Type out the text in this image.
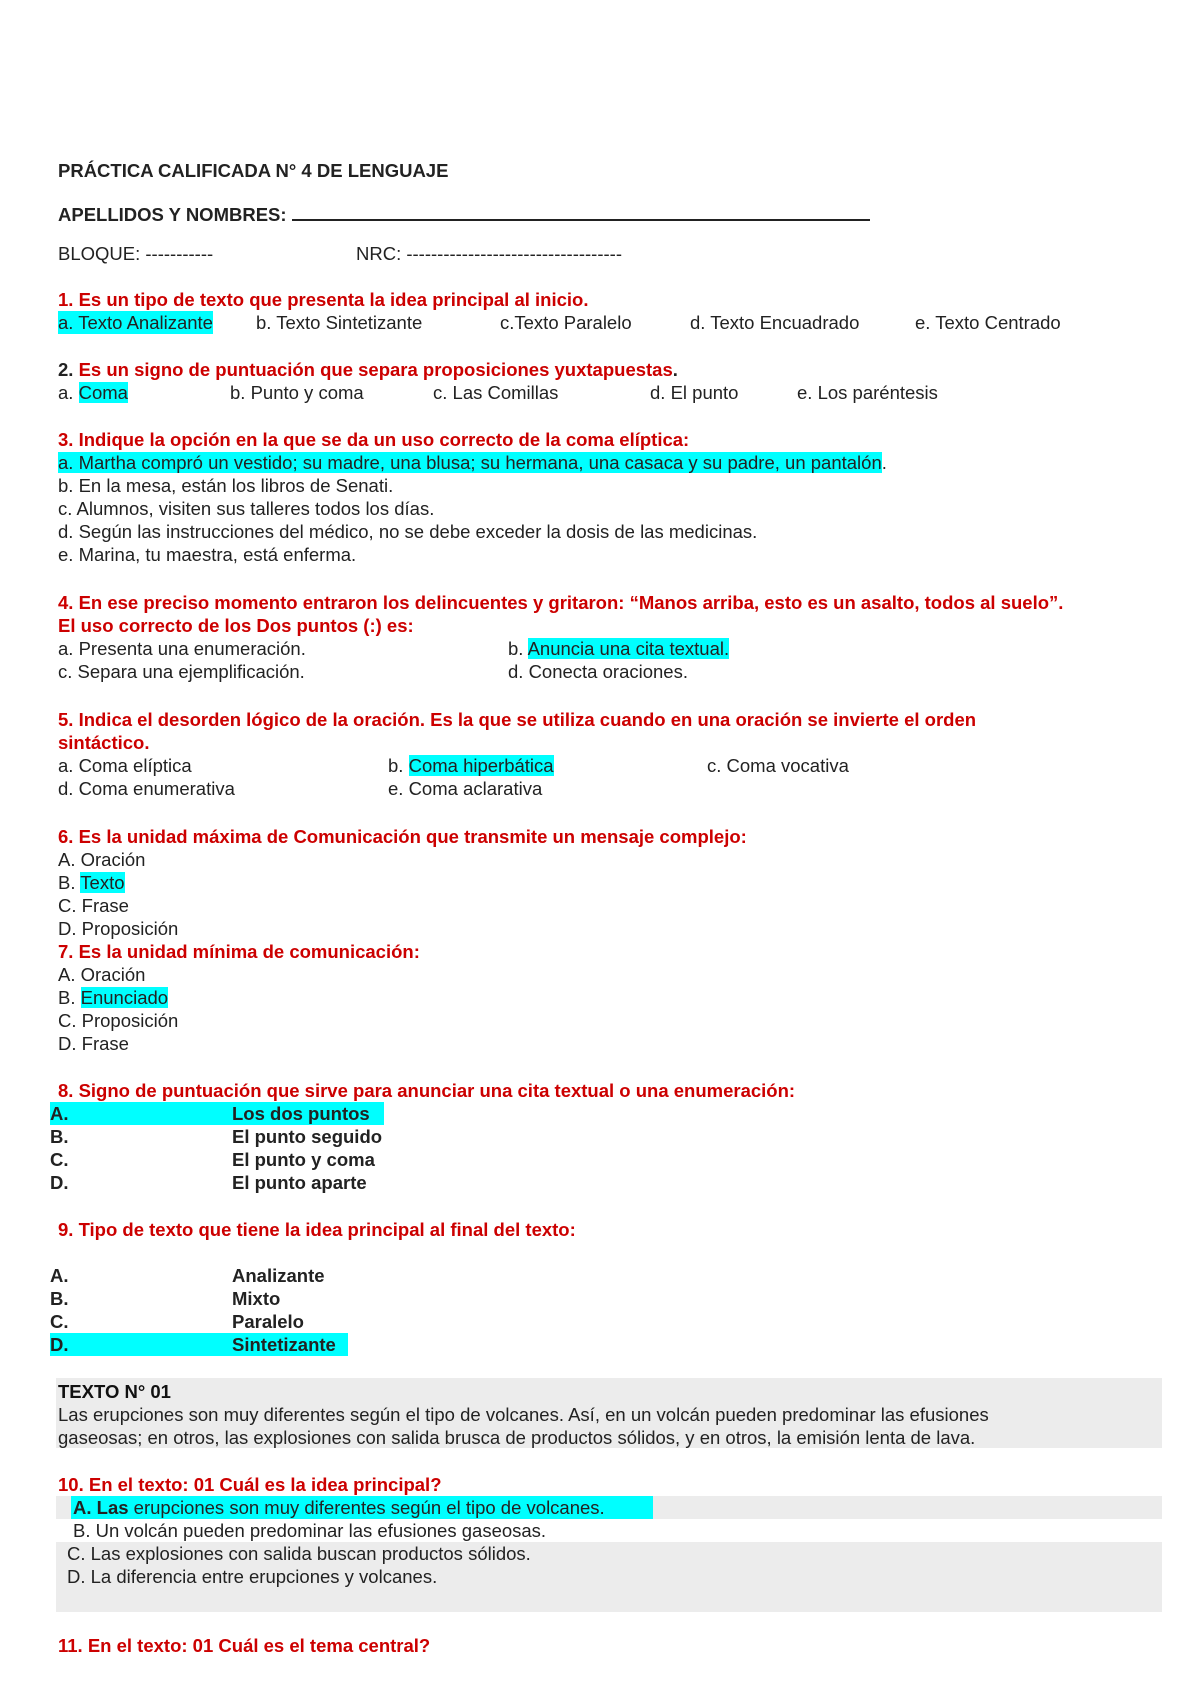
PRÁCTICA CALIFICADA N° 4 DE LENGUAJE
APELLIDOS Y NOMBRES:
BLOQUE: -----------	NRC: -----------------------------------
1. Es un tipo de texto que presenta la idea principal al inicio.
a. Texto Analizante b. Texto Sintetizante	c.Texto Paralelo	d. Texto Encuadrado	e. Texto Centrado
2. Es un signo de puntuación que separa proposiciones yuxtapuestas.
a. Coma	b. Punto y coma	c. Las Comillas	d. El punto	e. Los paréntesis
3. Indique la opción en la que se da un uso correcto de la coma elíptica:
a. Martha compró un vestido; su madre, una blusa; su hermana, una casaca y su padre, un pantalón.
b. En la mesa, están los libros de Senati.
c. Alumnos, visiten sus talleres todos los días.
d. Según las instrucciones del médico, no se debe exceder la dosis de las medicinas.
e. Marina, tu maestra, está enferma.
4. En ese preciso momento entraron los delincuentes y gritaron: “Manos arriba, esto es un asalto, todos al suelo”.
El uso correcto de los Dos puntos (:) es:
a. Presenta una enumeración.	b. Anuncia una cita textual.
c. Separa una ejemplificación.	d. Conecta oraciones.
5. Indica el desorden lógico de la oración. Es la que se utiliza cuando en una oración se invierte el orden
sintáctico.
a. Coma elíptica	b. Coma hiperbática	c. Coma vocativa
d. Coma enumerativa	e. Coma aclarativa
6. Es la unidad máxima de Comunicación que transmite un mensaje complejo:
A. Oración
B. Texto
C. Frase
D. Proposición
7. Es la unidad mínima de comunicación:
A. Oración
B. Enunciado
C. Proposición
D. Frase
8. Signo de puntuación que sirve para anunciar una cita textual o una enumeración:
A.	Los dos puntos
B.	El punto seguido
C.	El punto y coma
D.	El punto aparte
9. Tipo de texto que tiene la idea principal al final del texto:
A.	Analizante
B.	Mixto
C.	Paralelo
D.	Sintetizante
TEXTO N° 01
Las erupciones son muy diferentes según el tipo de volcanes. Así, en un volcán pueden predominar las efusiones
gaseosas; en otros, las explosiones con salida brusca de productos sólidos, y en otros, la emisión lenta de lava.
10. En el texto: 01 Cuál es la idea principal?
A. Las erupciones son muy diferentes según el tipo de volcanes.
B. Un volcán pueden predominar las efusiones gaseosas.
C. Las explosiones con salida buscan productos sólidos.
D. La diferencia entre erupciones y volcanes.
11. En el texto: 01 Cuál es el tema central?
